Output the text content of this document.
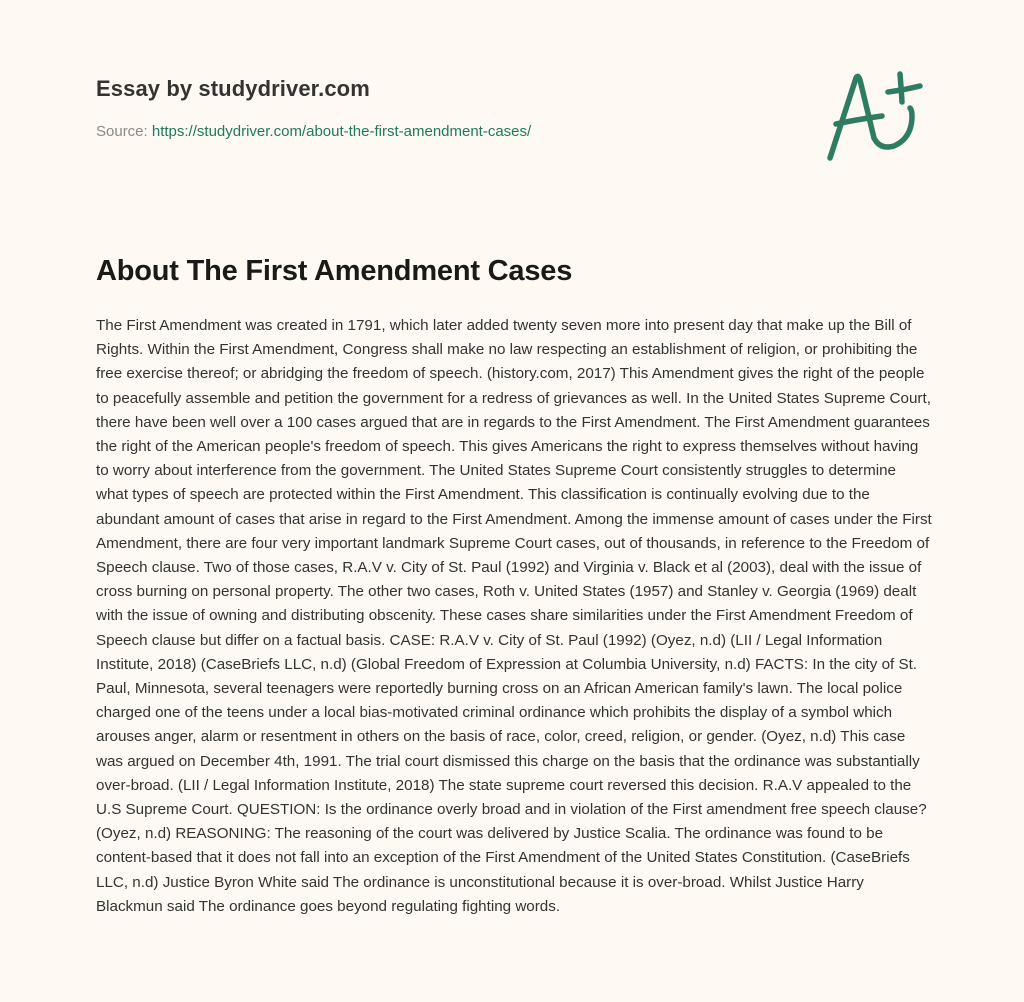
Essay by studydriver.com
Source: https://studydriver.com/about-the-first-amendment-cases/
About The First Amendment Cases

The First Amendment was created in 1791, which later added twenty seven more into present day that make up the Bill of Rights. Within the First Amendment, Congress shall make no law respecting an establishment of religion, or prohibiting the free exercise thereof; or abridging the freedom of speech. (history.com, 2017) This Amendment gives the right of the people to peacefully assemble and petition the government for a redress of grievances as well. In the United States Supreme Court, there have been well over a 100 cases argued that are in regards to the First Amendment. The First Amendment guarantees the right of the American people's freedom of speech. This gives Americans the right to express themselves without having to worry about interference from the government. The United States Supreme Court consistently struggles to determine what types of speech are protected within the First Amendment. This classification is continually evolving due to the abundant amount of cases that arise in regard to the First Amendment. Among the immense amount of cases under the First Amendment, there are four very important landmark Supreme Court cases, out of thousands, in reference to the Freedom of Speech clause. Two of those cases, R.A.V v. City of St. Paul (1992) and Virginia v. Black et al (2003), deal with the issue of cross burning on personal property. The other two cases, Roth v. United States (1957) and Stanley v. Georgia (1969) dealt with the issue of owning and distributing obscenity. These cases share similarities under the First Amendment Freedom of Speech clause but differ on a factual basis. CASE: R.A.V v. City of St. Paul (1992) (Oyez, n.d) (LII / Legal Information Institute, 2018) (CaseBriefs LLC, n.d) (Global Freedom of Expression at Columbia University, n.d) FACTS: In the city of St. Paul, Minnesota, several teenagers were reportedly burning cross on an African American family's lawn. The local police charged one of the teens under a local bias-motivated criminal ordinance which prohibits the display of a symbol which arouses anger, alarm or resentment in others on the basis of race, color, creed, religion, or gender. (Oyez, n.d) This case was argued on December 4th, 1991. The trial court dismissed this charge on the basis that the ordinance was substantially over-broad. (LII / Legal Information Institute, 2018) The state supreme court reversed this decision. R.A.V appealed to the U.S Supreme Court. QUESTION: Is the ordinance overly broad and in violation of the First amendment free speech clause? (Oyez, n.d) REASONING: The reasoning of the court was delivered by Justice Scalia. The ordinance was found to be content-based that it does not fall into an exception of the First Amendment of the United States Constitution. (CaseBriefs LLC, n.d) Justice Byron White said The ordinance is unconstitutional because it is over-broad. Whilst Justice Harry Blackmun said The ordinance goes beyond regulating fighting words.
